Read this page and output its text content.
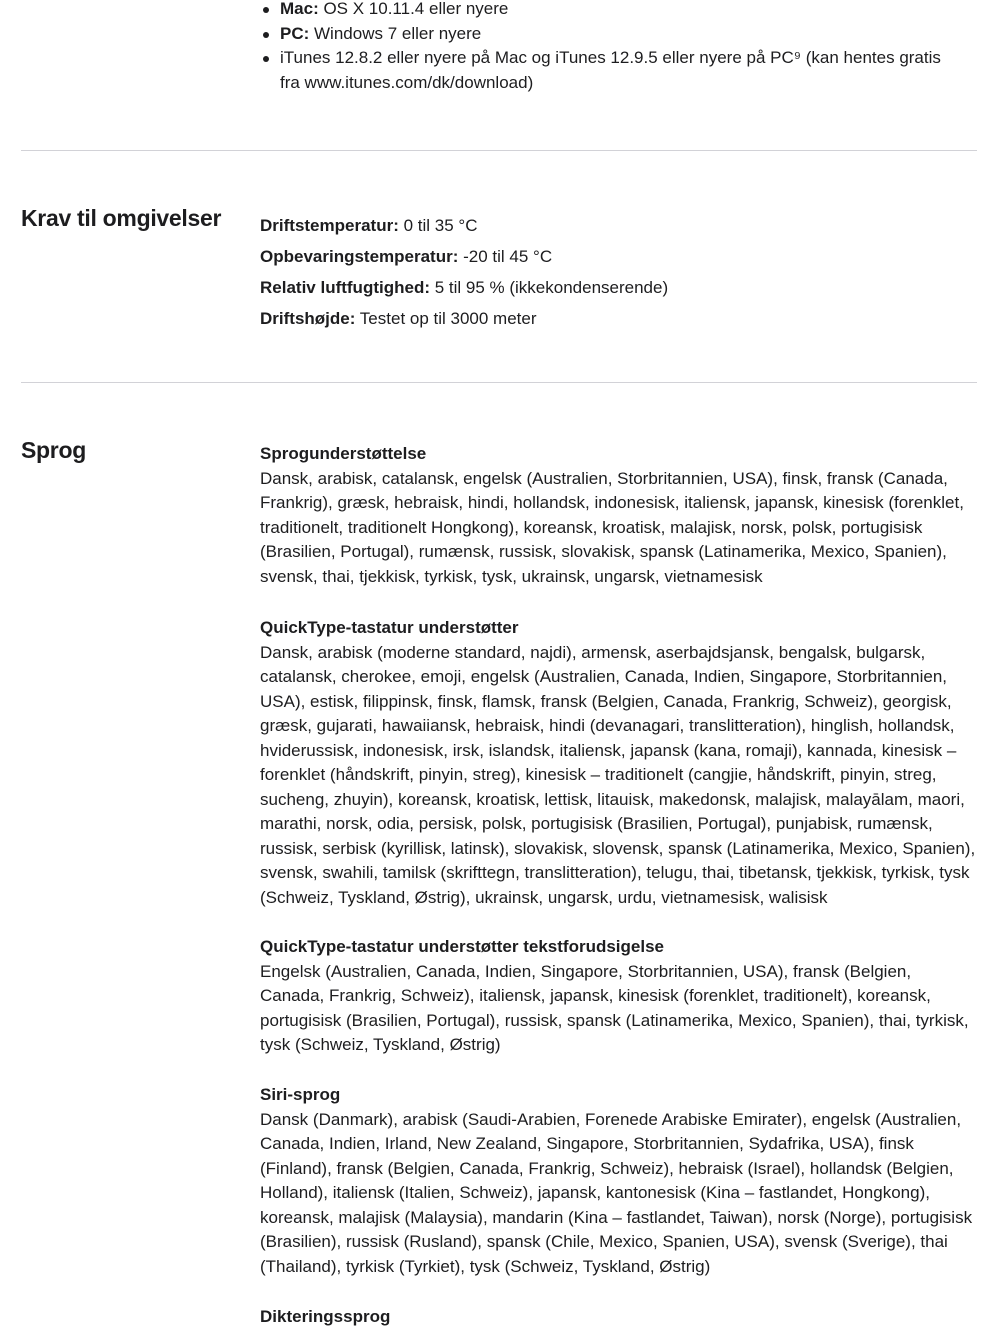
Mac: OS X 10.11.4 eller nyere
PC: Windows 7 eller nyere
iTunes 12.8.2 eller nyere på Mac og iTunes 12.9.5 eller nyere på PC⁹ (kan hentes gratis fra www.itunes.com/dk/download)
Krav til omgivelser Driftstemperatur: 0 til 35 °C
Opbevaringstemperatur: -20 til 45 °C
Relativ luftfugtighed: 5 til 95 % (ikkekondenserende)
Driftshøjde: Testet op til 3000 meter
Sprog	Sprogunderstøttelse

Dansk, arabisk, catalansk, engelsk (Australien, Storbritannien, USA), finsk, fransk (Canada, Frankrig), græsk, hebraisk, hindi, hollandsk, indonesisk, italiensk, japansk, kinesisk (forenklet, traditionelt, traditionelt Hongkong), koreansk, kroatisk, malajisk, norsk, polsk, portugisisk (Brasilien, Portugal), rumænsk, russisk, slovakisk, spansk (Latinamerika, Mexico, Spanien), svensk, thai, tjekkisk, tyrkisk, tysk, ukrainsk, ungarsk, vietnamesisk

QuickType-tastatur understøtter

Dansk, arabisk (moderne standard, najdi), armensk, aserbajdsjansk, bengalsk, bulgarsk, catalansk, cherokee, emoji, engelsk (Australien, Canada, Indien, Singapore, Storbritannien, USA), estisk, filippinsk, finsk, flamsk, fransk (Belgien, Canada, Frankrig, Schweiz), georgisk, græsk, gujarati, hawaiiansk, hebraisk, hindi (devanagari, translitteration), hinglish, hollandsk, hviderussisk, indonesisk, irsk, islandsk, italiensk, japansk (kana, romaji), kannada, kinesisk – forenklet (håndskrift, pinyin, streg), kinesisk – traditionelt (cangjie, håndskrift, pinyin, streg, sucheng, zhuyin), koreansk, kroatisk, lettisk, litauisk, makedonsk, malajisk, malayālam, maori, marathi, norsk, odia, persisk, polsk, portugisisk (Brasilien, Portugal), punjabisk, rumænsk, russisk, serbisk (kyrillisk, latinsk), slovakisk, slovensk, spansk (Latinamerika, Mexico, Spanien), svensk, swahili, tamilsk (skrifttegn, translitteration), telugu, thai, tibetansk, tjekkisk, tyrkisk, tysk (Schweiz, Tyskland, Østrig), ukrainsk, ungarsk, urdu, vietnamesisk, walisisk

QuickType-tastatur understøtter tekstforudsigelse

Engelsk (Australien, Canada, Indien, Singapore, Storbritannien, USA), fransk (Belgien, Canada, Frankrig, Schweiz), italiensk, japansk, kinesisk (forenklet, traditionelt), koreansk, portugisisk (Brasilien, Portugal), russisk, spansk (Latinamerika, Mexico, Spanien), thai, tyrkisk, tysk (Schweiz, Tyskland, Østrig)

Siri-sprog

Dansk (Danmark), arabisk (Saudi-Arabien, Forenede Arabiske Emirater), engelsk (Australien, Canada, Indien, Irland, New Zealand, Singapore, Storbritannien, Sydafrika, USA), finsk (Finland), fransk (Belgien, Canada, Frankrig, Schweiz), hebraisk (Israel), hollandsk (Belgien, Holland), italiensk (Italien, Schweiz), japansk, kantonesisk (Kina – fastlandet, Hongkong), koreansk, malajisk (Malaysia), mandarin (Kina – fastlandet, Taiwan), norsk (Norge), portugisisk (Brasilien), russisk (Rusland), spansk (Chile, Mexico, Spanien, USA), svensk (Sverige), thai (Thailand), tyrkisk (Tyrkiet), tysk (Schweiz, Tyskland, Østrig)

Dikteringssprog
